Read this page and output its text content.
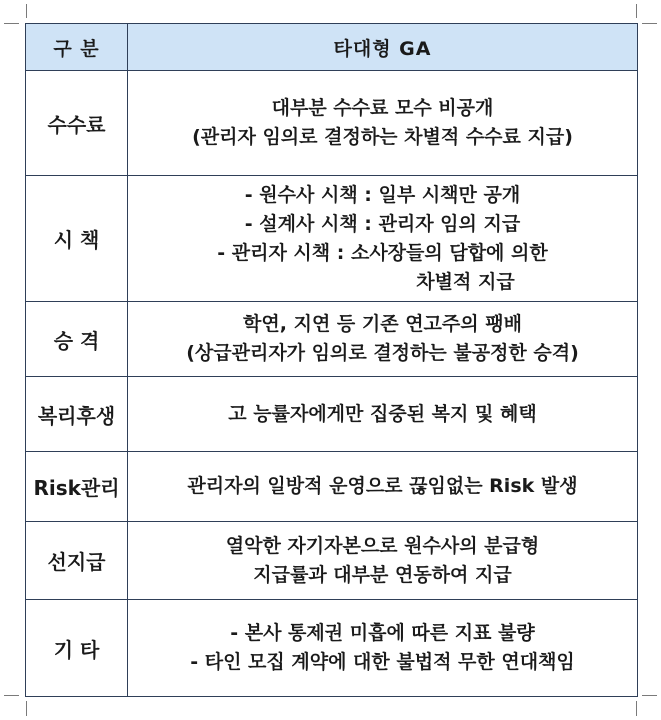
구 분	타대형 GA
수수료	대부분 수수료 모수 비공개
(관리자 임의로 결정하는 차별적 수수료 지급)

시 책	- 원수사 시책 : 일부 시책만 공개
- 설계사 시책 : 관리자 임의 지급
- 관리자 시책 : 소사장들의 담합에 의한
차별적 지급

승 격	학연, 지연 등 기존 연고주의 팽배
(상급관리자가 임의로 결정하는 불공정한 승격)

복리후생	고 능률자에게만 집중된 복지 및 혜택

Risk관리	관리자의 일방적 운영으로 끊임없는 Risk 발생

선지급	열악한 자기자본으로 원수사의 분급형
지급률과 대부분 연동하여 지급

기 타	- 본사 통제권 미흡에 따른 지표 불량
- 타인 모집 계약에 대한 불법적 무한 연대책임
